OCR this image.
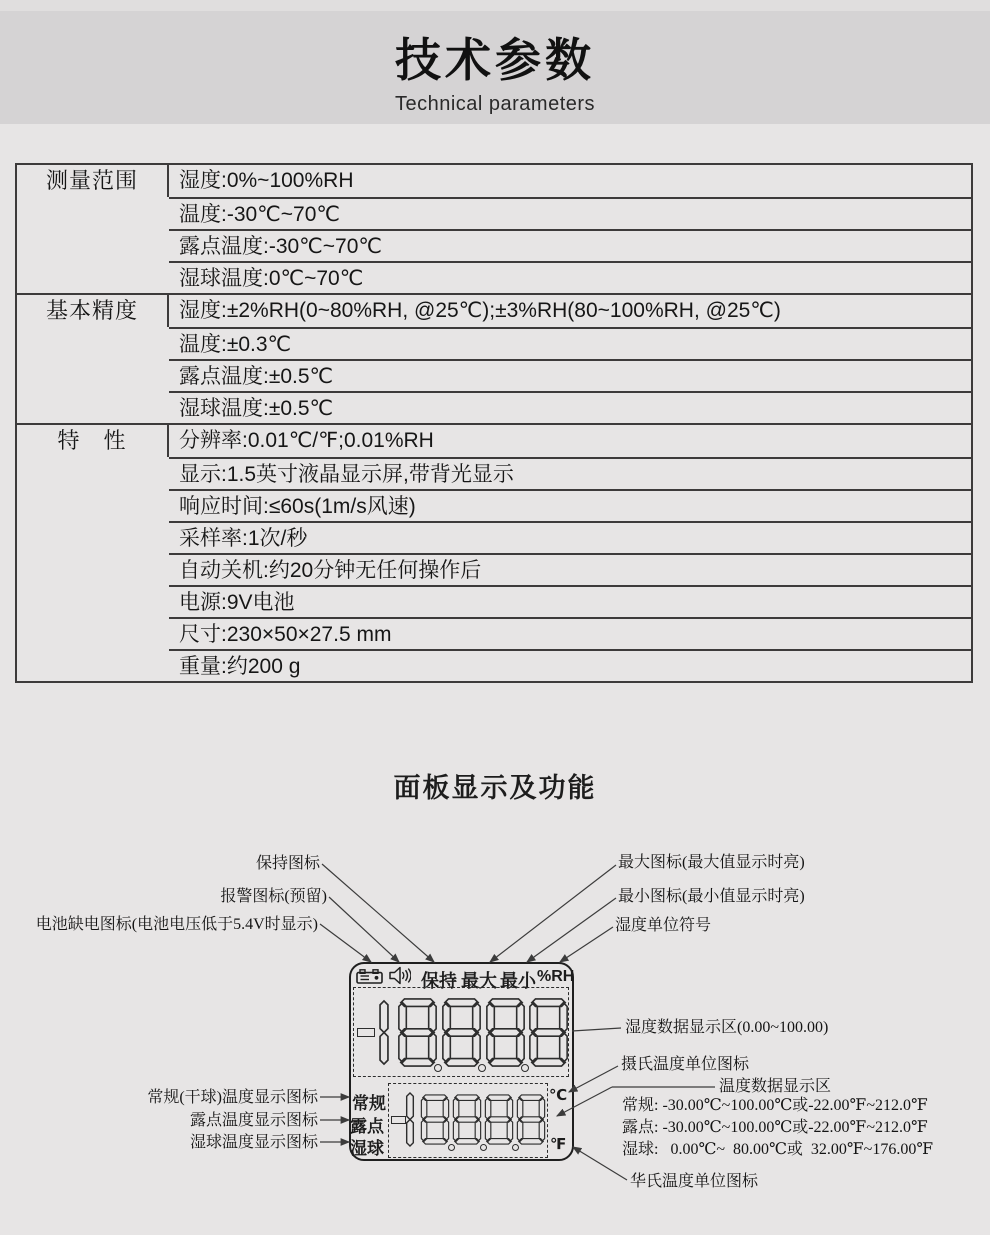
技术参数
Technical parameters
测量范围	湿度:0%~100%RH
温度:-30℃~70℃
露点温度:-30℃~70℃
湿球温度:0℃~70℃
基本精度	湿度:±2%RH(0~80%RH, @25℃);±3%RH(80~100%RH, @25℃)
温度:±0.3℃
露点温度:±0.5℃
湿球温度:±0.5℃
特　性	分辨率:0.01℃/℉;0.01%RH
显示:1.5英寸液晶显示屏,带背光显示
响应时间:≤60s(1m/s风速)
采样率:1次/秒
自动关机:约20分钟无任何操作后
电源:9V电池
尺寸:230×50×27.5 mm
重量:约200 g
面板显示及功能
保持图标
报警图标(预留)
电池缺电图标(电池电压低于5.4V时显示)
最大图标(最大值显示时亮)
最小图标(最小值显示时亮)
湿度单位符号
湿度数据显示区(0.00~100.00)
摄氏温度单位图标
温度数据显示区
常规: -30.00℃~100.00℃或-22.00℉~212.0℉
露点: -30.00℃~100.00℃或-22.00℉~212.0℉
湿球:   0.00℃~  80.00℃或  32.00℉~176.00℉
华氏温度单位图标
常规(干球)温度显示图标
露点温度显示图标
湿球温度显示图标
保持 最大 最小 %RH
常规
露点
湿球
℃
℉
